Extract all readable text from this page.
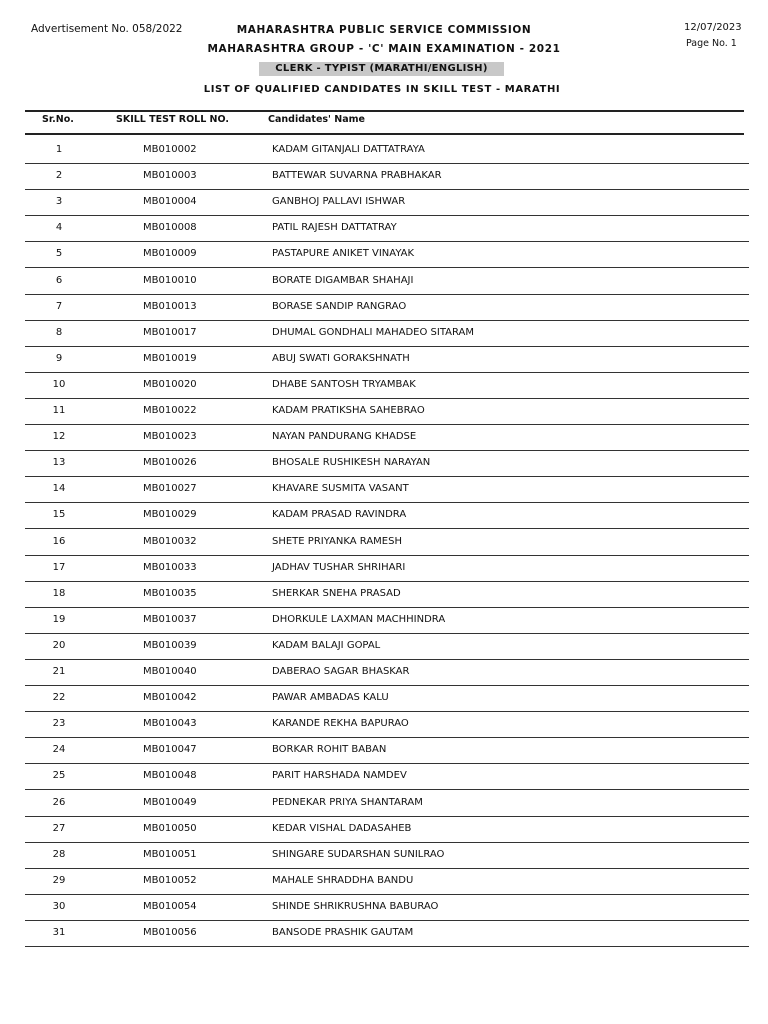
Advertisement No. 058/2022	MAHARASHTRA PUBLIC SERVICE COMMISSION	12/07/2023
Page No. 1
MAHARASHTRA GROUP - 'C' MAIN EXAMINATION - 2021
CLERK - TYPIST (MARATHI/ENGLISH)
LIST OF QUALIFIED CANDIDATES IN SKILL TEST - MARATHI
Sr.No.	SKILL TEST ROLL NO.	Candidates' Name
1	MB010002	KADAM GITANJALI DATTATRAYA
2	MB010003	BATTEWAR SUVARNA PRABHAKAR
3	MB010004	GANBHOJ PALLAVI ISHWAR
4	MB010008	PATIL RAJESH DATTATRAY
5	MB010009	PASTAPURE ANIKET VINAYAK
6	MB010010	BORATE DIGAMBAR SHAHAJI
7	MB010013	BORASE SANDIP RANGRAO
8	MB010017	DHUMAL GONDHALI MAHADEO SITARAM
9	MB010019	ABUJ SWATI GORAKSHNATH
10	MB010020	DHABE SANTOSH TRYAMBAK
11	MB010022	KADAM PRATIKSHA SAHEBRAO
12	MB010023	NAYAN PANDURANG KHADSE
13	MB010026	BHOSALE RUSHIKESH NARAYAN
14	MB010027	KHAVARE SUSMITA VASANT
15	MB010029	KADAM PRASAD RAVINDRA
16	MB010032	SHETE PRIYANKA RAMESH
17	MB010033	JADHAV TUSHAR SHRIHARI
18	MB010035	SHERKAR SNEHA PRASAD
19	MB010037	DHORKULE LAXMAN MACHHINDRA
20	MB010039	KADAM BALAJI GOPAL
21	MB010040	DABERAO SAGAR BHASKAR
22	MB010042	PAWAR AMBADAS KALU
23	MB010043	KARANDE REKHA BAPURAO
24	MB010047	BORKAR ROHIT BABAN
25	MB010048	PARIT HARSHADA NAMDEV
26	MB010049	PEDNEKAR PRIYA SHANTARAM
27	MB010050	KEDAR VISHAL DADASAHEB
28	MB010051	SHINGARE SUDARSHAN SUNILRAO
29	MB010052	MAHALE SHRADDHA BANDU
30	MB010054	SHINDE SHRIKRUSHNA BABURAO
31	MB010056	BANSODE PRASHIK GAUTAM
